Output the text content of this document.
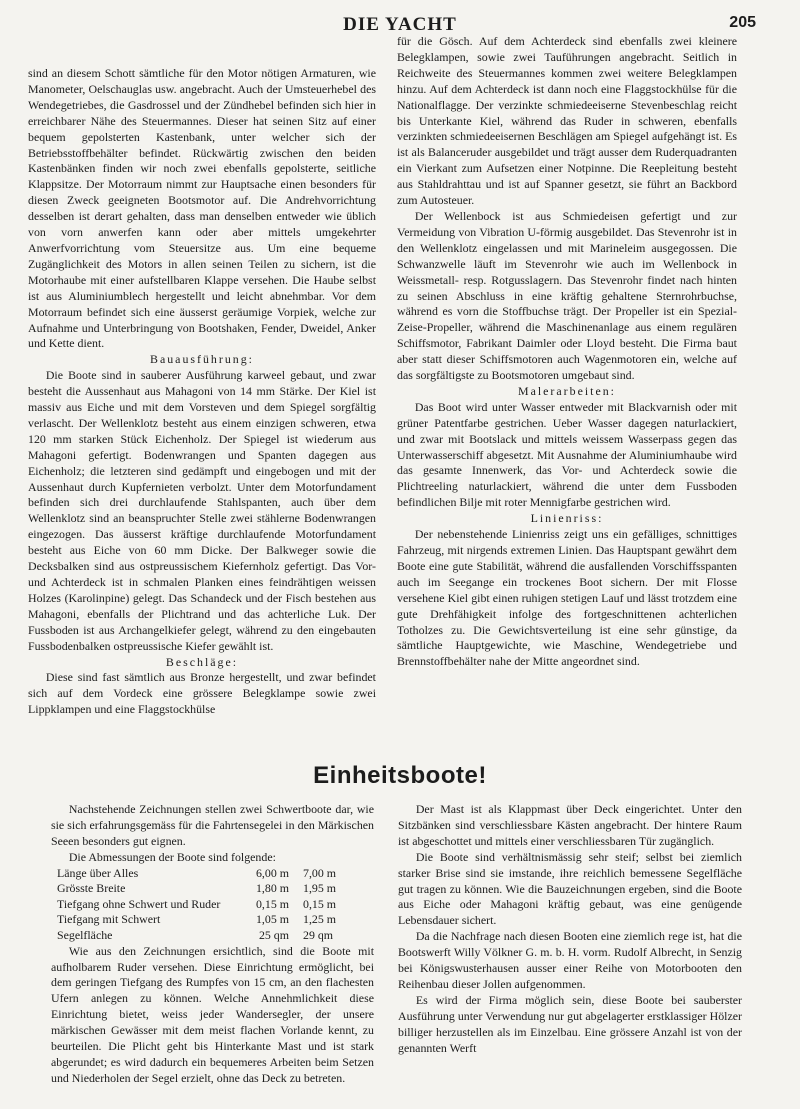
DIE YACHT	205

sind an diesem Schott sämtliche für den Motor nötigen Armaturen, wie Manometer, Oelschauglas usw. angebracht. Auch der Umsteuerhebel des Wendegetriebes, die Gasdrossel und der Zündhebel befinden sich hier in erreichbarer Nähe des Steuermannes. Dieser hat seinen Sitz auf einer bequem gepolsterten Kastenbank, unter welcher sich der Betriebsstoffbehälter befindet. Rückwärtig zwischen den beiden Kastenbänken finden wir noch zwei ebenfalls gepolsterte, seitliche Klappsitze. Der Motorraum nimmt zur Hauptsache einen besonders für diesen Zweck geeigneten Bootsmotor auf. Die Andrehvorrichtung desselben ist derart gehalten, dass man denselben entweder wie üblich von vorn anwerfen kann oder aber mittels umgekehrter Anwerfvorrichtung vom Steuersitze aus. Um eine bequeme Zugänglichkeit des Motors in allen seinen Teilen zu sichern, ist die Motorhaube mit einer aufstellbaren Klappe versehen. Die Haube selbst ist aus Aluminiumblech hergestellt und leicht abnehmbar. Vor dem Motorraum befindet sich eine äusserst geräumige Vorpiek, welche zur Aufnahme und Unterbringung von Bootshaken, Fender, Dweidel, Anker und Kette dient.

Bauausführung:

Die Boote sind in sauberer Ausführung karweel gebaut, und zwar besteht die Aussenhaut aus Mahagoni von 14 mm Stärke. Der Kiel ist massiv aus Eiche und mit dem Vorsteven und dem Spiegel sorgfältig verlascht. Der Wellenklotz besteht aus einem einzigen schweren, etwa 120 mm starken Stück Eichenholz. Der Spiegel ist wiederum aus Mahagoni gefertigt. Bodenwrangen und Spanten dagegen aus Eichenholz; die letzteren sind gedämpft und eingebogen und mit der Aussenhaut durch Kupfernieten verbolzt. Unter dem Motorfundament befinden sich drei durchlaufende Stahlspanten, auch über dem Wellenklotz sind an beanspruchter Stelle zwei stählerne Bodenwrangen eingezogen. Das äusserst kräftige durchlaufende Motorfundament besteht aus Eiche von 60 mm Dicke. Der Balkweger sowie die Decksbalken sind aus ostpreussischem Kiefernholz gefertigt. Das Vor- und Achterdeck ist in schmalen Planken eines feindrähtigen weissen Holzes (Karolinpine) gelegt. Das Schandeck und der Fisch bestehen aus Mahagoni, ebenfalls der Plichtrand und das achterliche Luk. Der Fussboden ist aus Archangelkiefer gelegt, während zu den eingebauten Fussbodenbalken ostpreussische Kiefer gewählt ist.

Beschläge:

Diese sind fast sämtlich aus Bronze hergestellt, und zwar befindet sich auf dem Vordeck eine grössere Belegklampe sowie zwei Lippklampen und eine Flaggstockhülse

für die Gösch. Auf dem Achterdeck sind ebenfalls zwei kleinere Belegklampen, sowie zwei Tauführungen angebracht. Seitlich in Reichweite des Steuermannes kommen zwei weitere Belegklampen hinzu. Auf dem Achterdeck ist dann noch eine Flaggstockhülse für die Nationalflagge. Der verzinkte schmiedeeiserne Stevenbeschlag reicht bis Unterkante Kiel, während das Ruder in schweren, ebenfalls verzinkten schmiedeeisernen Beschlägen am Spiegel aufgehängt ist. Es ist als Balanceruder ausgebildet und trägt ausser dem Ruderquadranten ein Vierkant zum Aufsetzen einer Notpinne. Die Reepleitung besteht aus Stahldrahttau und ist auf Spanner gesetzt, sie führt an Backbord zum Autosteuer.

Der Wellenbock ist aus Schmiedeisen gefertigt und zur Vermeidung von Vibration U-förmig ausgebildet. Das Stevenrohr ist in den Wellenklotz eingelassen und mit Marineleim ausgegossen. Die Schwanzwelle läuft im Stevenrohr wie auch im Wellenbock in Weissmetall- resp. Rotgusslagern. Das Stevenrohr findet nach hinten zu seinen Abschluss in eine kräftig gehaltene Sternrohrbuchse, während es vorn die Stoffbuchse trägt. Der Propeller ist ein Spezial-Zeise-Propeller, während die Maschinenanlage aus einem regulären Schiffsmotor, Fabrikant Daimler oder Lloyd besteht. Die Firma baut aber statt dieser Schiffsmotoren auch Wagenmotoren ein, welche auf das sorgfältigste zu Bootsmotoren umgebaut sind.

Malerarbeiten:

Das Boot wird unter Wasser entweder mit Blackvarnish oder mit grüner Patentfarbe gestrichen. Ueber Wasser dagegen naturlackiert, und zwar mit Bootslack und mittels weissem Wasserpass gegen das Unterwasserschiff abgesetzt. Mit Ausnahme der Aluminiumhaube wird das gesamte Innenwerk, das Vor- und Achterdeck sowie die Plichtreeling naturlackiert, während die unter dem Fussboden befindlichen Bilje mit roter Mennigfarbe gestrichen wird.

Linienriss:

Der nebenstehende Linienriss zeigt uns ein gefälliges, schnittiges Fahrzeug, mit nirgends extremen Linien. Das Hauptspant gewährt dem Boote eine gute Stabilität, während die ausfallenden Vorschiffsspanten auch im Seegange ein trockenes Boot sichern. Der mit Flosse versehene Kiel gibt einen ruhigen stetigen Lauf und lässt trotzdem eine gute Drehfähigkeit infolge des fortgeschnittenen achterlichen Totholzes zu. Die Gewichtsverteilung ist eine sehr günstige, da sämtliche Hauptgewichte, wie Maschine, Wendegetriebe und Brennstoffbehälter nahe der Mitte angeordnet sind.

Einheitsboote!

Nachstehende Zeichnungen stellen zwei Schwertboote dar, wie sie sich erfahrungsgemäss für die Fahrtensegelei in den Märkischen Seeen besonders gut eignen.

Die Abmessungen der Boote sind folgende:

Länge über Alles	6,00 m	7,00 m
Grösste Breite	1,80 m	1,95 m
Tiefgang ohne Schwert und Ruder	0,15 m	0,15 m
Tiefgang mit Schwert	1,05 m	1,25 m
Segelfläche	25 qm	29 qm

Wie aus den Zeichnungen ersichtlich, sind die Boote mit aufholbarem Ruder versehen. Diese Einrichtung ermöglicht, bei dem geringen Tiefgang des Rumpfes von 15 cm, an den flachesten Ufern anlegen zu können. Welche Annehmlichkeit diese Einrichtung bietet, weiss jeder Wandersegler, der unsere märkischen Gewässer mit dem meist flachen Vorlande kennt, zu beurteilen. Die Plicht geht bis Hinterkante Mast und ist stark abgerundet; es wird dadurch ein bequemeres Arbeiten beim Setzen und Niederholen der Segel erzielt, ohne das Deck zu betreten.

Der Mast ist als Klappmast über Deck eingerichtet. Unter den Sitzbänken sind verschliessbare Kästen angebracht. Der hintere Raum ist abgeschottet und mittels einer verschliessbaren Tür zugänglich.

Die Boote sind verhältnismässig sehr steif; selbst bei ziemlich starker Brise sind sie imstande, ihre reichlich bemessene Segelfläche gut tragen zu können. Wie die Bauzeichnungen ergeben, sind die Boote aus Eiche oder Mahagoni kräftig gebaut, was eine genügende Lebensdauer sichert.

Da die Nachfrage nach diesen Booten eine ziemlich rege ist, hat die Bootswerft Willy Völkner G. m. b. H. vorm. Rudolf Albrecht, in Senzig bei Königswusterhausen ausser einer Reihe von Motorbooten den Reihenbau dieser Jollen aufgenommen.

Es wird der Firma möglich sein, diese Boote bei sauberster Ausführung unter Verwendung nur gut abgelagerter erstklassiger Hölzer billiger herzustellen als im Einzelbau. Eine grössere Anzahl ist von der genannten Werft
